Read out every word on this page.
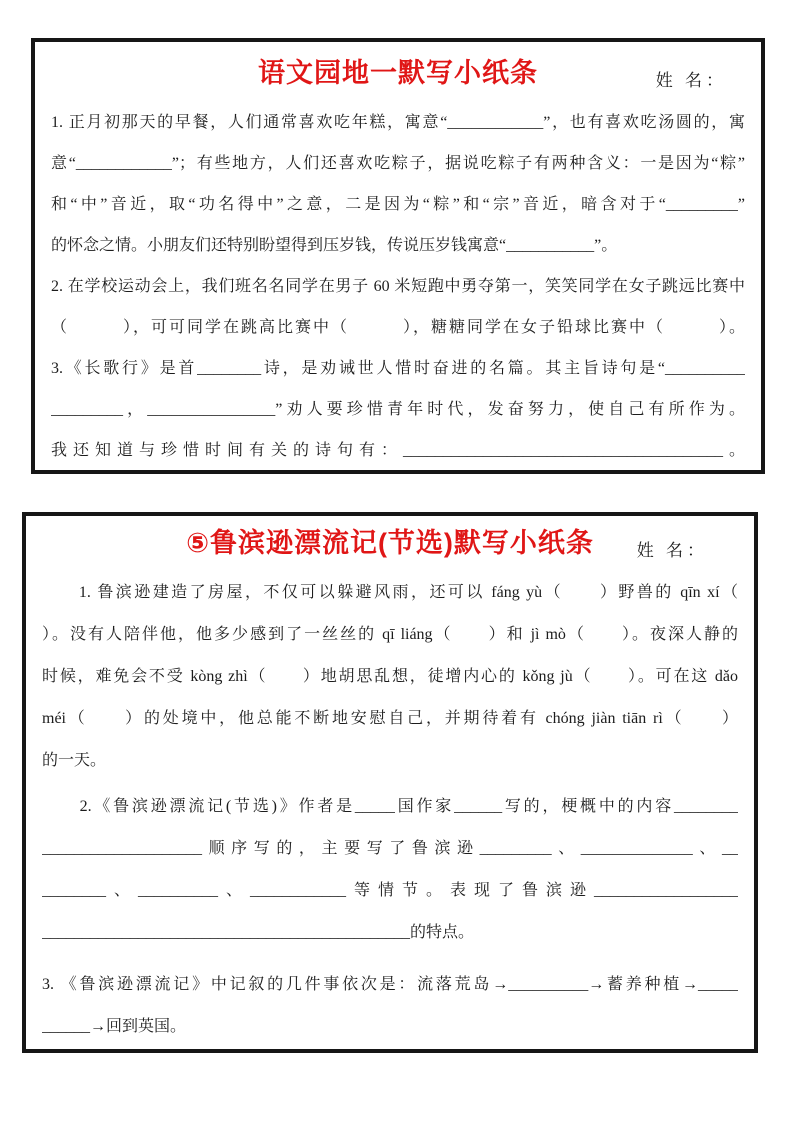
语文园地一默写小纸条	姓 名：
1. 正月初那天的早餐，人们通常喜欢吃年糕，寓意“____________”，也有喜欢吃汤圆的，寓
意“____________”；有些地方，人们还喜欢吃粽子，据说吃粽子有两种含义：一是因为“粽”
和“中”音近，取“功名得中”之意，二是因为“粽”和“宗”音近，暗含对于“_________”
的怀念之情。小朋友们还特别盼望得到压岁钱，传说压岁钱寓意“___________”。
2. 在学校运动会上，我们班名名同学在男子 60 米短跑中勇夺第一，笑笑同学在女子跳远比赛中
（　　　），可可同学在跳高比赛中（　　　），糖糖同学在女子铅球比赛中（　　　）。
3.《长歌行》是首________诗，是劝诫世人惜时奋进的名篇。其主旨诗句是“__________
_________，________________”劝人要珍惜青年时代，发奋努力，使自己有所作为。
我还知道与珍惜时间有关的诗句有：________________________________________。
⑤鲁滨逊漂流记(节选)默写小纸条	姓 名：
　　1. 鲁滨逊建造了房屋，不仅可以躲避风雨，还可以 fáng yù（　　）野兽的 qīn xí（
）。没有人陪伴他，他多少感到了一丝丝的 qī liáng（　　）和 jì mò（　　）。夜深人静的
时候，难免会不受 kòng zhì（　　）地胡思乱想，徒增内心的 kǒng jù（　　）。可在这 dǎo
méi（　　）的处境中，他总能不断地安慰自己，并期待着有 chóng jiàn tiān rì（　　）
的一天。
　　2.《鲁滨逊漂流记(节选)》作者是_____国作家______写的，梗概中的内容________
____________________顺序写的，主要写了鲁滨逊_________、______________、__
________、__________、____________等情节。表现了鲁滨逊__________________
______________________________________________的特点。
3. 《鲁滨逊漂流记》中记叙的几件事依次是：流落荒岛→__________→蓄养种植→_____
______→回到英国。
